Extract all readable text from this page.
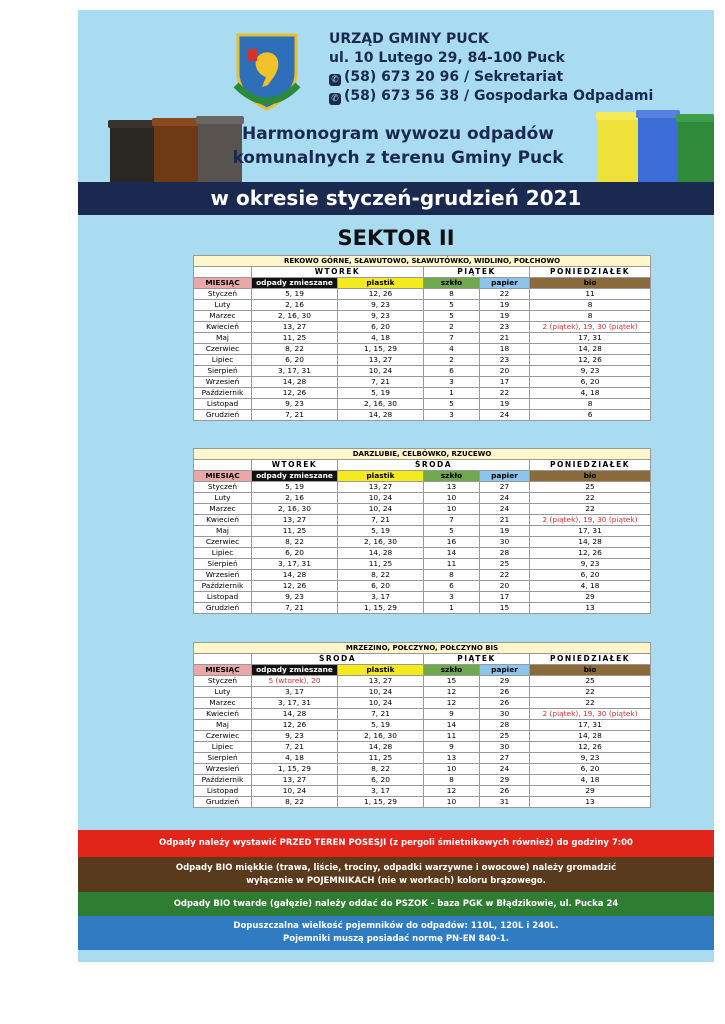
URZĄD GMINY PUCK
ul. 10 Lutego 29, 84-100 Puck
✆ (58) 673 20 96 / Sekretariat
✆ (58) 673 56 38 / Gospodarka Odpadami
Harmonogram wywozu odpadów
komunalnych z terenu Gminy Puck
w okresie styczeń-grudzień 2021
SEKTOR II
REKOWO GÓRNE, SŁAWUTOWO, SŁAWUTÓWKO, WIDLINO, POŁCHOWO					
	WTOREK		PIĄTEK		PONIEDZIAŁEK
MIESIĄC	odpady zmieszane	plastik	szkło	papier	bio
Styczeń	5, 19	12, 26	8	22	11
Luty	2, 16	9, 23	5	19	8
Marzec	2, 16, 30	9, 23	5	19	8
Kwiecień	13, 27	6, 20	2	23	2 (piątek), 19, 30 (piątek)
Maj	11, 25	4, 18	7	21	17, 31
Czerwiec	8, 22	1, 15, 29	4	18	14, 28
Lipiec	6, 20	13, 27	2	23	12, 26
Sierpień	3, 17, 31	10, 24	6	20	9, 23
Wrzesień	14, 28	7, 21	3	17	6, 20
Październik	12, 26	5, 19	1	22	4, 18
Listopad	9, 23	2, 16, 30	5	19	8
Grudzień	7, 21	14, 28	3	24	6
DARZLUBIE, CELBÓWKO, RZUCEWO					
	WTOREK	ŚRODA			PONIEDZIAŁEK
MIESIĄC	odpady zmieszane	plastik	szkło	papier	bio
Styczeń	5, 19	13, 27	13	27	25
Luty	2, 16	10, 24	10	24	22
Marzec	2, 16, 30	10, 24	10	24	22
Kwiecień	13, 27	7, 21	7	21	2 (piątek), 19, 30 (piątek)
Maj	11, 25	5, 19	5	19	17, 31
Czerwiec	8, 22	2, 16, 30	16	30	14, 28
Lipiec	6, 20	14, 28	14	28	12, 26
Sierpień	3, 17, 31	11, 25	11	25	9, 23
Wrzesień	14, 28	8, 22	8	22	6, 20
Październik	12, 26	6, 20	6	20	4, 18
Listopad	9, 23	3, 17	3	17	29
Grudzień	7, 21	1, 15, 29	1	15	13
MRZEZINO, POŁCZYNO, POŁCZYNO BIS					
	ŚRODA		PIĄTEK		PONIEDZIAŁEK
MIESIĄC	odpady zmieszane	plastik	szkło	papier	bio
Styczeń	5 (wtorek), 20	13, 27	15	29	25
Luty	3, 17	10, 24	12	26	22
Marzec	3, 17, 31	10, 24	12	26	22
Kwiecień	14, 28	7, 21	9	30	2 (piątek), 19, 30 (piątek)
Maj	12, 26	5, 19	14	28	17, 31
Czerwiec	9, 23	2, 16, 30	11	25	14, 28
Lipiec	7, 21	14, 28	9	30	12, 26
Sierpień	4, 18	11, 25	13	27	9, 23
Wrzesień	1, 15, 29	8, 22	10	24	6, 20
Październik	13, 27	6, 20	8	29	4, 18
Listopad	10, 24	3, 17	12	26	29
Grudzień	8, 22	1, 15, 29	10	31	13
Odpady należy wystawić PRZED TEREN POSESJI (z pergoli śmietnikowych również) do godziny 7:00
Odpady BIO miękkie (trawa, liście, trociny, odpadki warzywne i owocowe) należy gromadzić
wyłącznie w POJEMNIKACH (nie w workach) koloru brązowego.
Odpady BIO twarde (gałęzie) należy oddać do PSZOK - baza PGK w Błądzikowie, ul. Pucka 24
Dopuszczalna wielkość pojemników do odpadów: 110L, 120L i 240L.
Pojemniki muszą posiadać normę PN-EN 840-1.
